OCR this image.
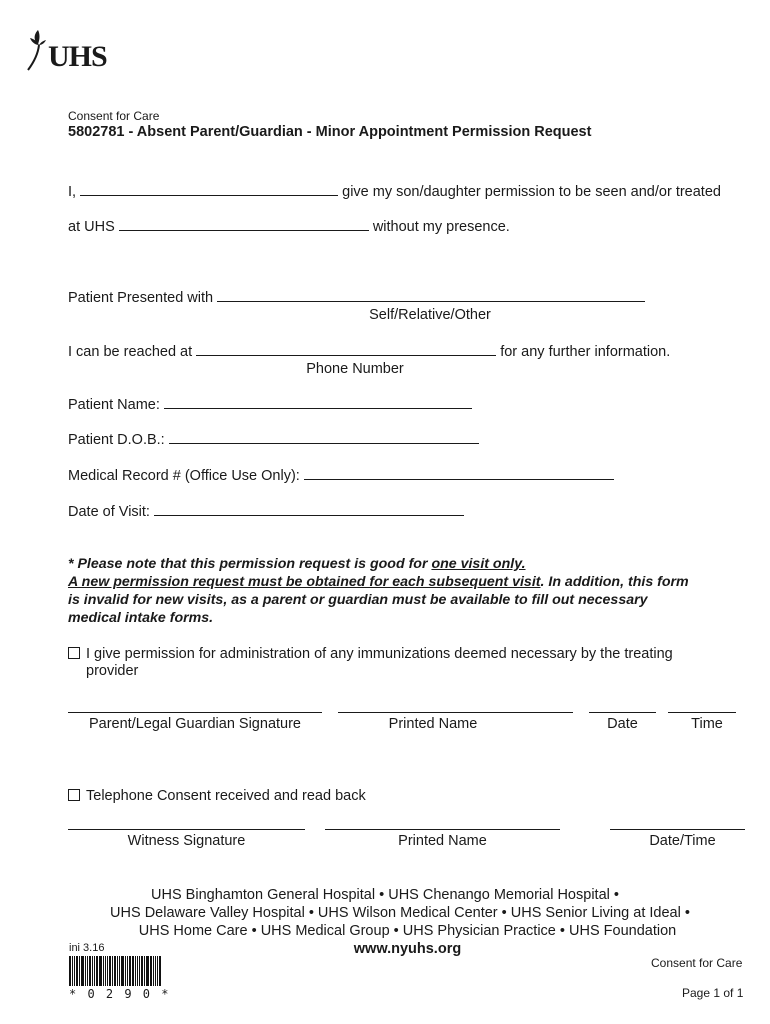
UHS
Consent for Care
5802781 - Absent Parent/Guardian - Minor Appointment Permission Request
I,	give my son/daughter permission to be seen and/or treated
at UHS	without my presence.
Patient Presented with
Self/Relative/Other
I can be reached at	for any further information.
Phone Number
Patient Name:
Patient D.O.B.:
Medical Record # (Office Use Only):
Date of Visit:
* Please note that this permission request is good for one visit only.
A new permission request must be obtained for each subsequent visit. In addition, this form
is invalid for new visits, as a parent or guardian must be available to fill out necessary
medical intake forms.
I give permission for administration of any immunizations deemed necessary by the treating
provider
Parent/Legal Guardian Signature	Printed Name	Date	Time
Telephone Consent received and read back
Witness Signature	Printed Name	Date/Time
UHS Binghamton General Hospital • UHS Chenango Memorial Hospital •
UHS Delaware Valley Hospital • UHS Wilson Medical Center • UHS Senior Living at Ideal •
UHS Home Care • UHS Medical Group • UHS Physician Practice • UHS Foundation
www.nyuhs.org
ini 3.16
* 0 2 9 0 *
Consent for Care
Page 1 of 1
